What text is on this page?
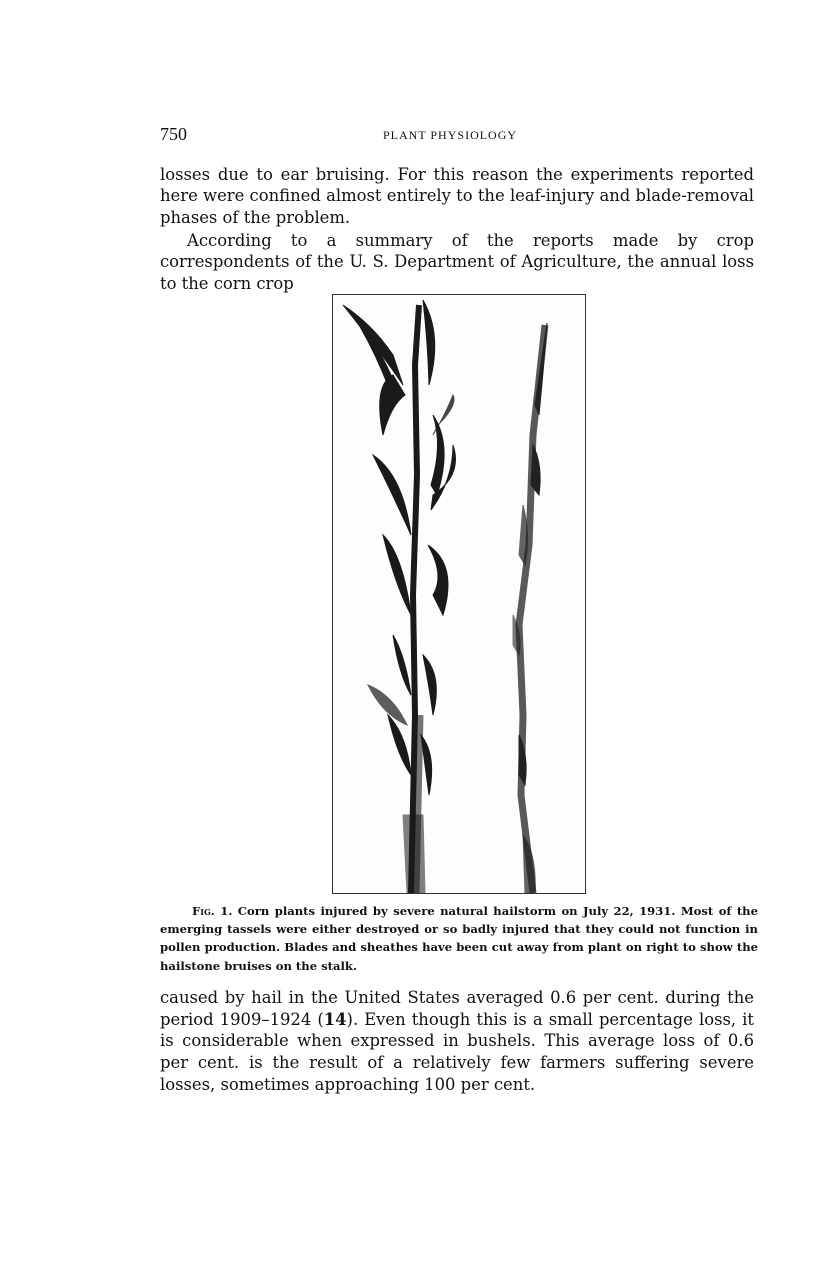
750	PLANT PHYSIOLOGY

losses due to ear bruising. For this reason the experiments reported here were confined almost entirely to the leaf-injury and blade-removal phases of the problem.

According to a summary of the reports made by crop correspondents of the U. S. Department of Agriculture, the annual loss to the corn crop

Fig. 1. Corn plants injured by severe natural hailstorm on July 22, 1931. Most of the emerging tassels were either destroyed or so badly injured that they could not function in pollen production. Blades and sheathes have been cut away from plant on right to show the hailstone bruises on the stalk.

caused by hail in the United States averaged 0.6 per cent. during the period 1909–1924 (14). Even though this is a small percentage loss, it is considerable when expressed in bushels. This average loss of 0.6 per cent. is the result of a relatively few farmers suffering severe losses, sometimes approaching 100 per cent.
